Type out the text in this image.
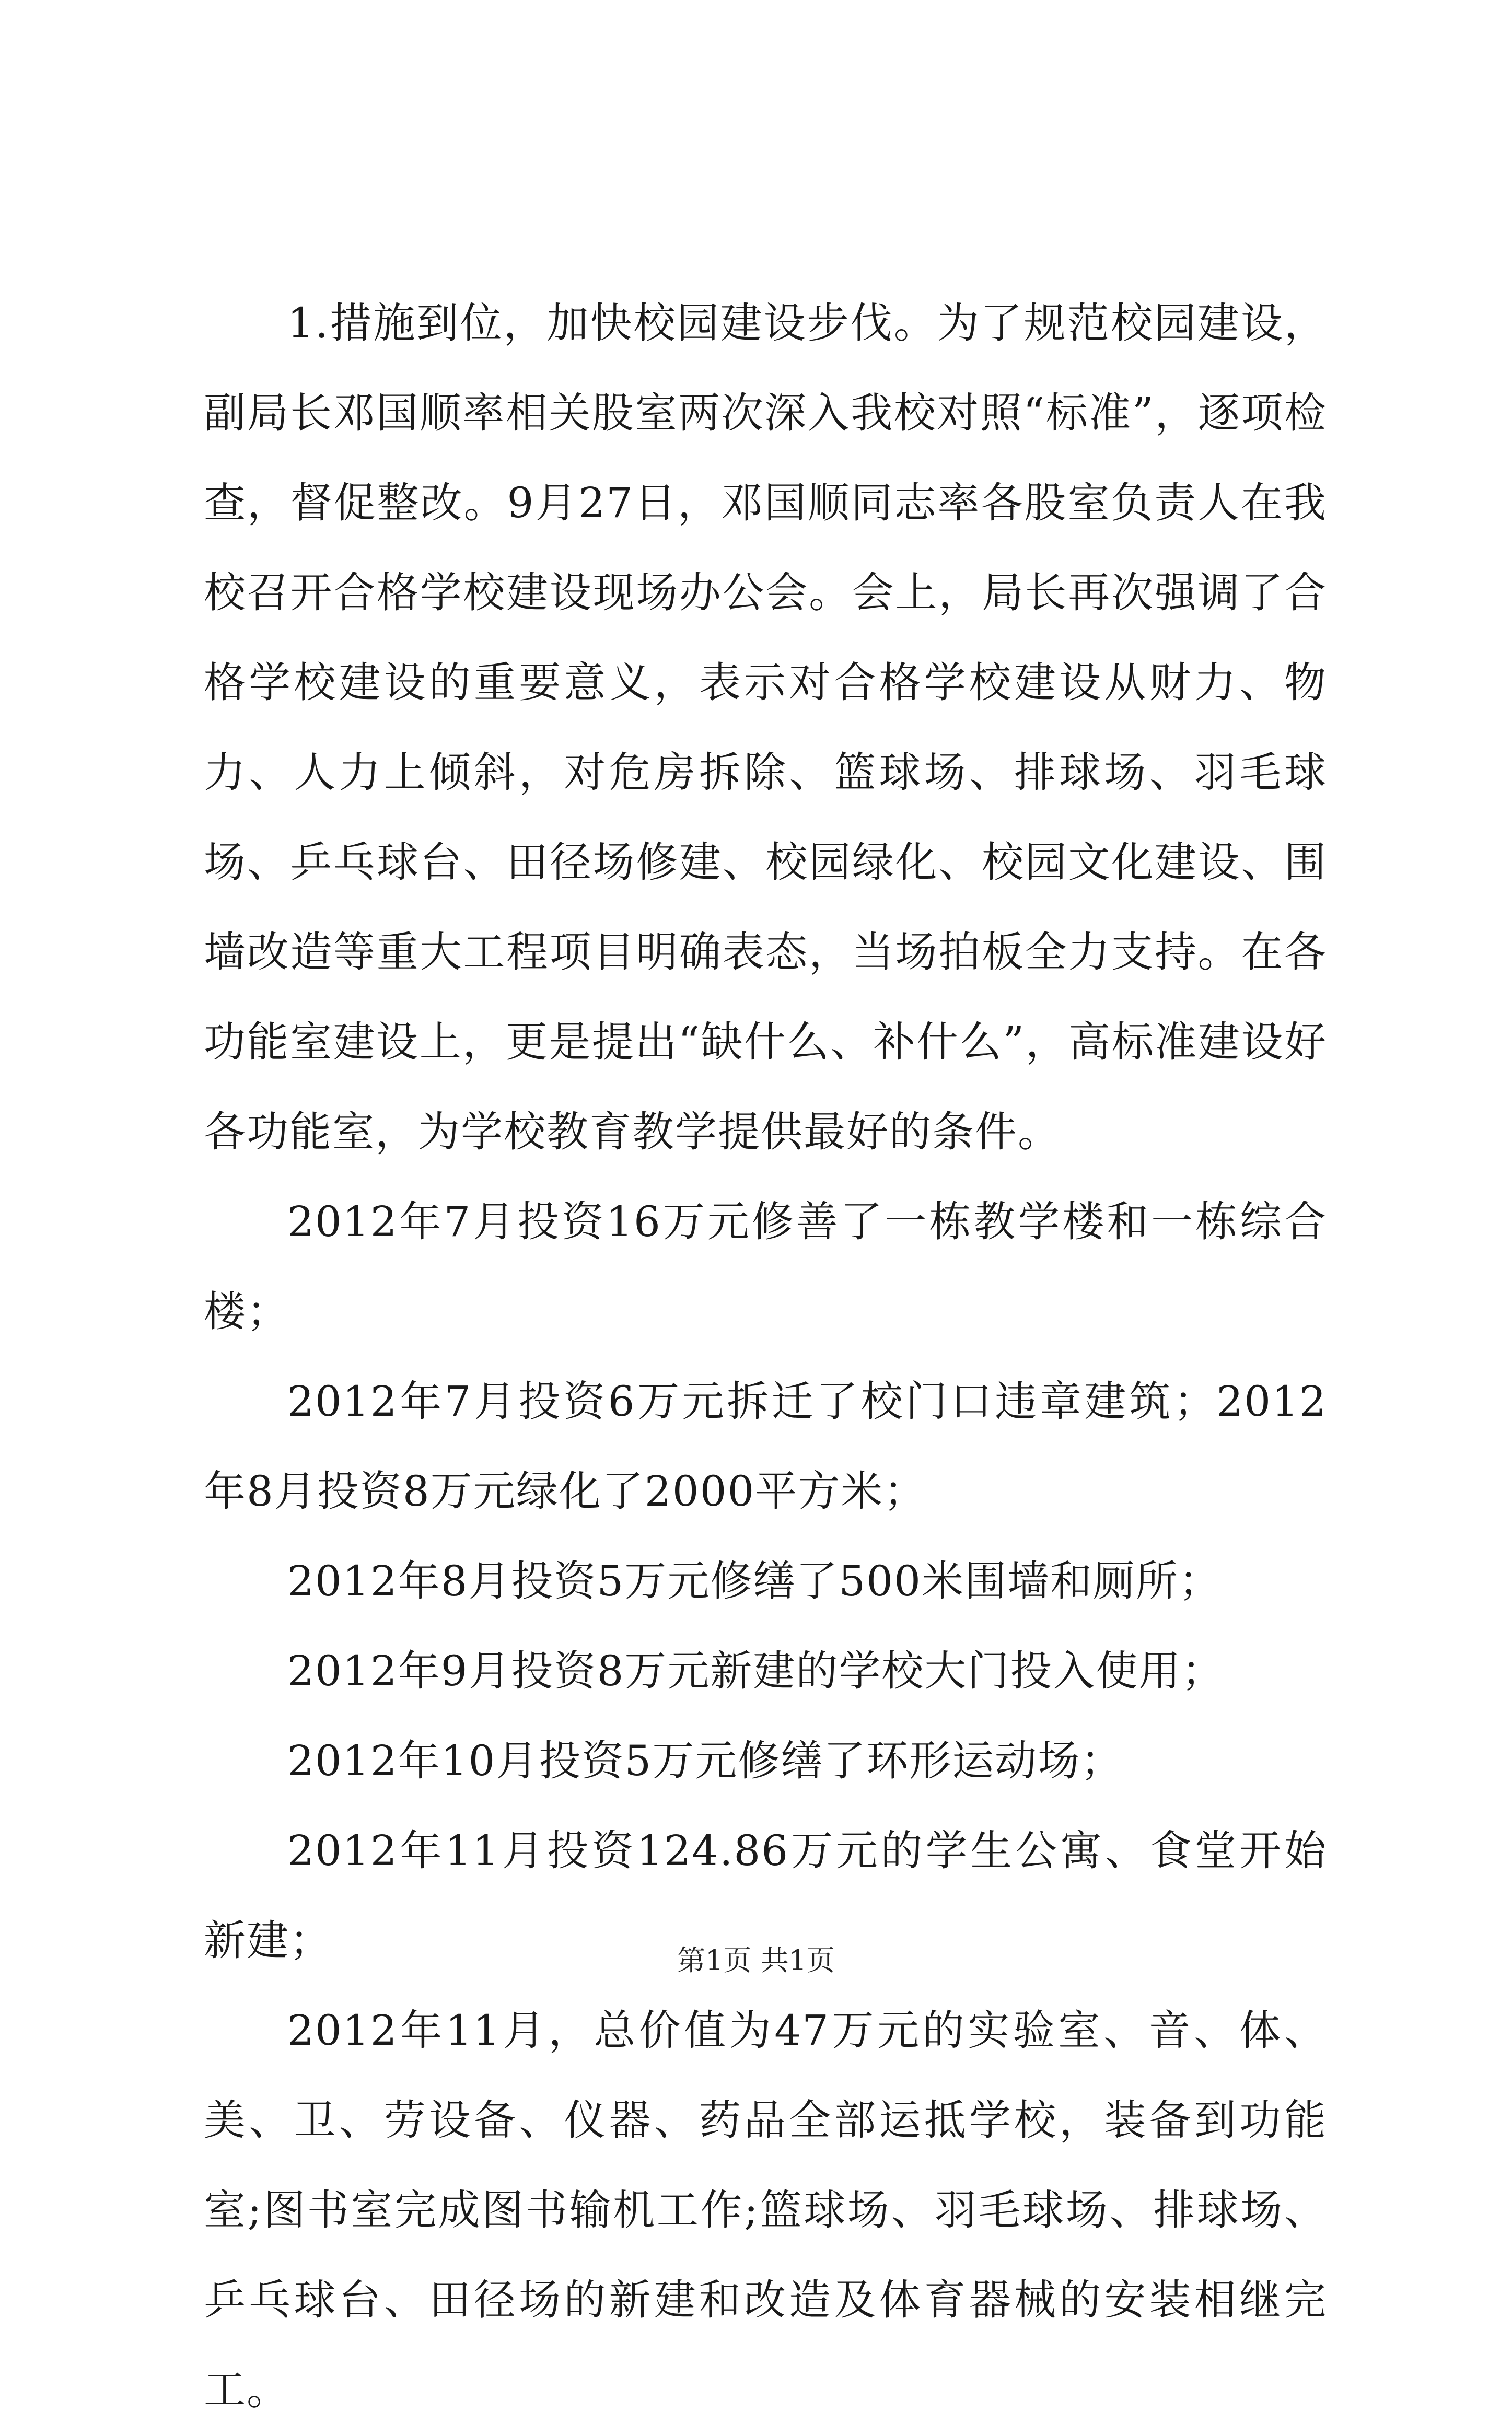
1.措施到位，加快校园建设步伐。为了规范校园建设，副局长邓国顺率相关股室两次深入我校对照“标准”，逐项检查，督促整改。9月27日，邓国顺同志率各股室负责人在我校召开合格学校建设现场办公会。会上，局长再次强调了合格学校建设的重要意义，表示对合格学校建设从财力、物力、人力上倾斜，对危房拆除、篮球场、排球场、羽毛球场、乒乓球台、田径场修建、校园绿化、校园文化建设、围墙改造等重大工程项目明确表态，当场拍板全力支持。在各功能室建设上，更是提出“缺什么、补什么”，高标准建设好各功能室，为学校教育教学提供最好的条件。

2012年7月投资16万元修善了一栋教学楼和一栋综合楼；

2012年7月投资6万元拆迁了校门口违章建筑；2012年8月投资8万元绿化了2000平方米；

2012年8月投资5万元修缮了500米围墙和厕所；

2012年9月投资8万元新建的学校大门投入使用；

2012年10月投资5万元修缮了环形运动场；

2012年11月投资124.86万元的学生公寓、食堂开始新建；

2012年11月，总价值为47万元的实验室、音、体、美、卫、劳设备、仪器、药品全部运抵学校，装备到功能室;图书室完成图书输机工作;篮球场、羽毛球场、排球场、乒乓球台、田径场的新建和改造及体育器械的安装相继完工。

第1页 共1页
